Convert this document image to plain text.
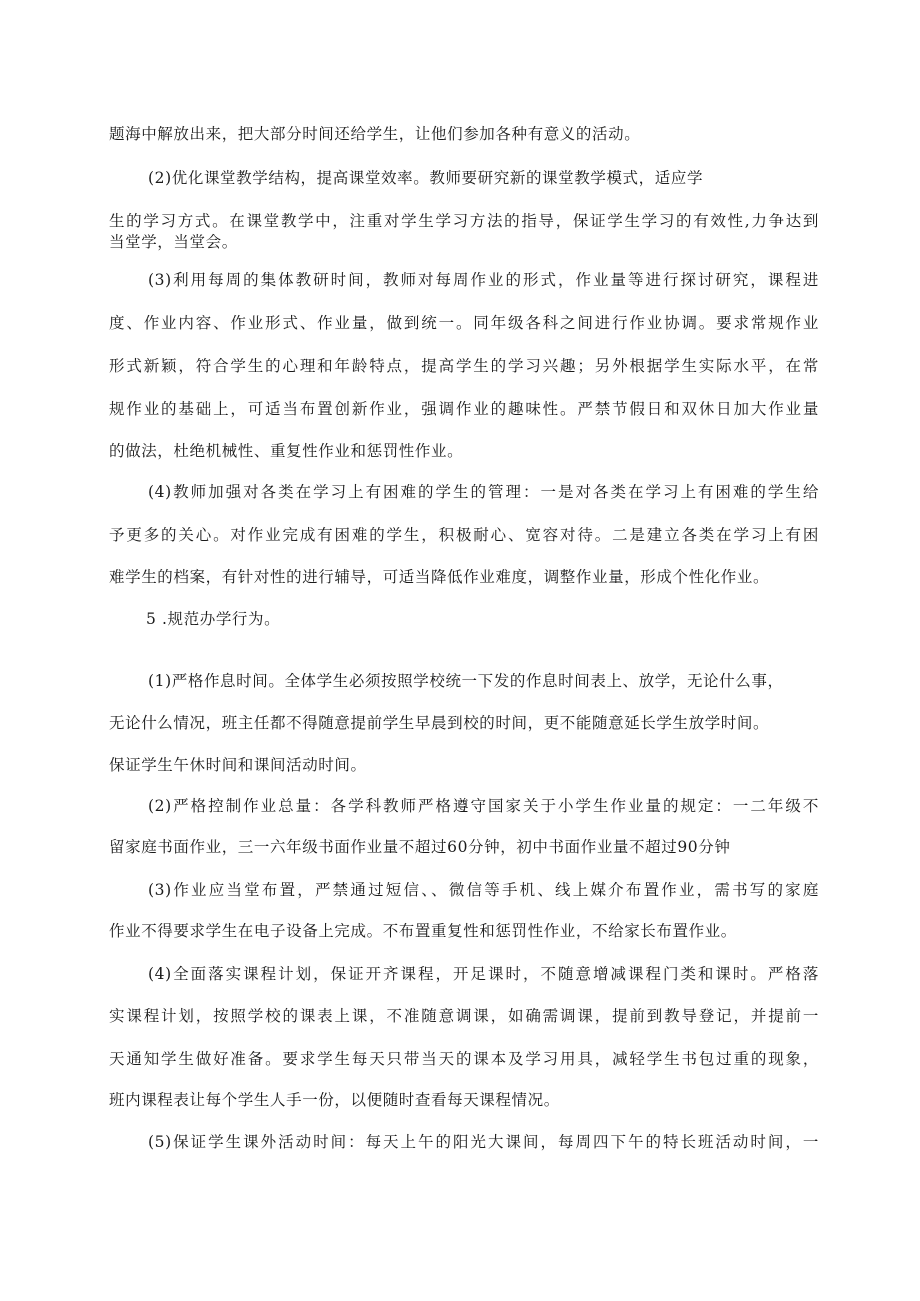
题海中解放出来，把大部分时间还给学生，让他们参加各种有意义的活动。
(2)优化课堂教学结构，提高课堂效率。教师要研究新的课堂教学模式，适应学
生的学习方式。在课堂教学中，注重对学生学习方法的指导，保证学生学习的有效性,力争达到
当堂学，当堂会。
(3)利用每周的集体教研时间，教师对每周作业的形式，作业量等进行探讨研究，课程进
度、作业内容、作业形式、作业量，做到统一。同年级各科之间进行作业协调。要求常规作业
形式新颖，符合学生的心理和年龄特点，提高学生的学习兴趣；另外根据学生实际水平，在常
规作业的基础上，可适当布置创新作业，强调作业的趣味性。严禁节假日和双休日加大作业量
的做法，杜绝机械性、重复性作业和惩罚性作业。
(4)教师加强对各类在学习上有困难的学生的管理：一是对各类在学习上有困难的学生给
予更多的关心。对作业完成有困难的学生，积极耐心、宽容对待。二是建立各类在学习上有困
难学生的档案，有针对性的进行辅导，可适当降低作业难度，调整作业量，形成个性化作业。
5 .规范办学行为。
(1)严格作息时间。全体学生必须按照学校统一下发的作息时间表上、放学，无论什么事，
无论什么情况，班主任都不得随意提前学生早晨到校的时间，更不能随意延长学生放学时间。
保证学生午休时间和课间活动时间。
(2)严格控制作业总量：各学科教师严格遵守国家关于小学生作业量的规定：一二年级不
留家庭书面作业，三一六年级书面作业量不超过60分钟，初中书面作业量不超过90分钟
(3)作业应当堂布置，严禁通过短信、、微信等手机、线上媒介布置作业，需书写的家庭
作业不得要求学生在电子设备上完成。不布置重复性和惩罚性作业，不给家长布置作业。
(4)全面落实课程计划，保证开齐课程，开足课时，不随意增减课程门类和课时。严格落
实课程计划，按照学校的课表上课，不准随意调课，如确需调课，提前到教导登记，并提前一
天通知学生做好准备。要求学生每天只带当天的课本及学习用具，减轻学生书包过重的现象，
班内课程表让每个学生人手一份，以便随时查看每天课程情况。
(5)保证学生课外活动时间：每天上午的阳光大课间，每周四下午的特长班活动时间，一
